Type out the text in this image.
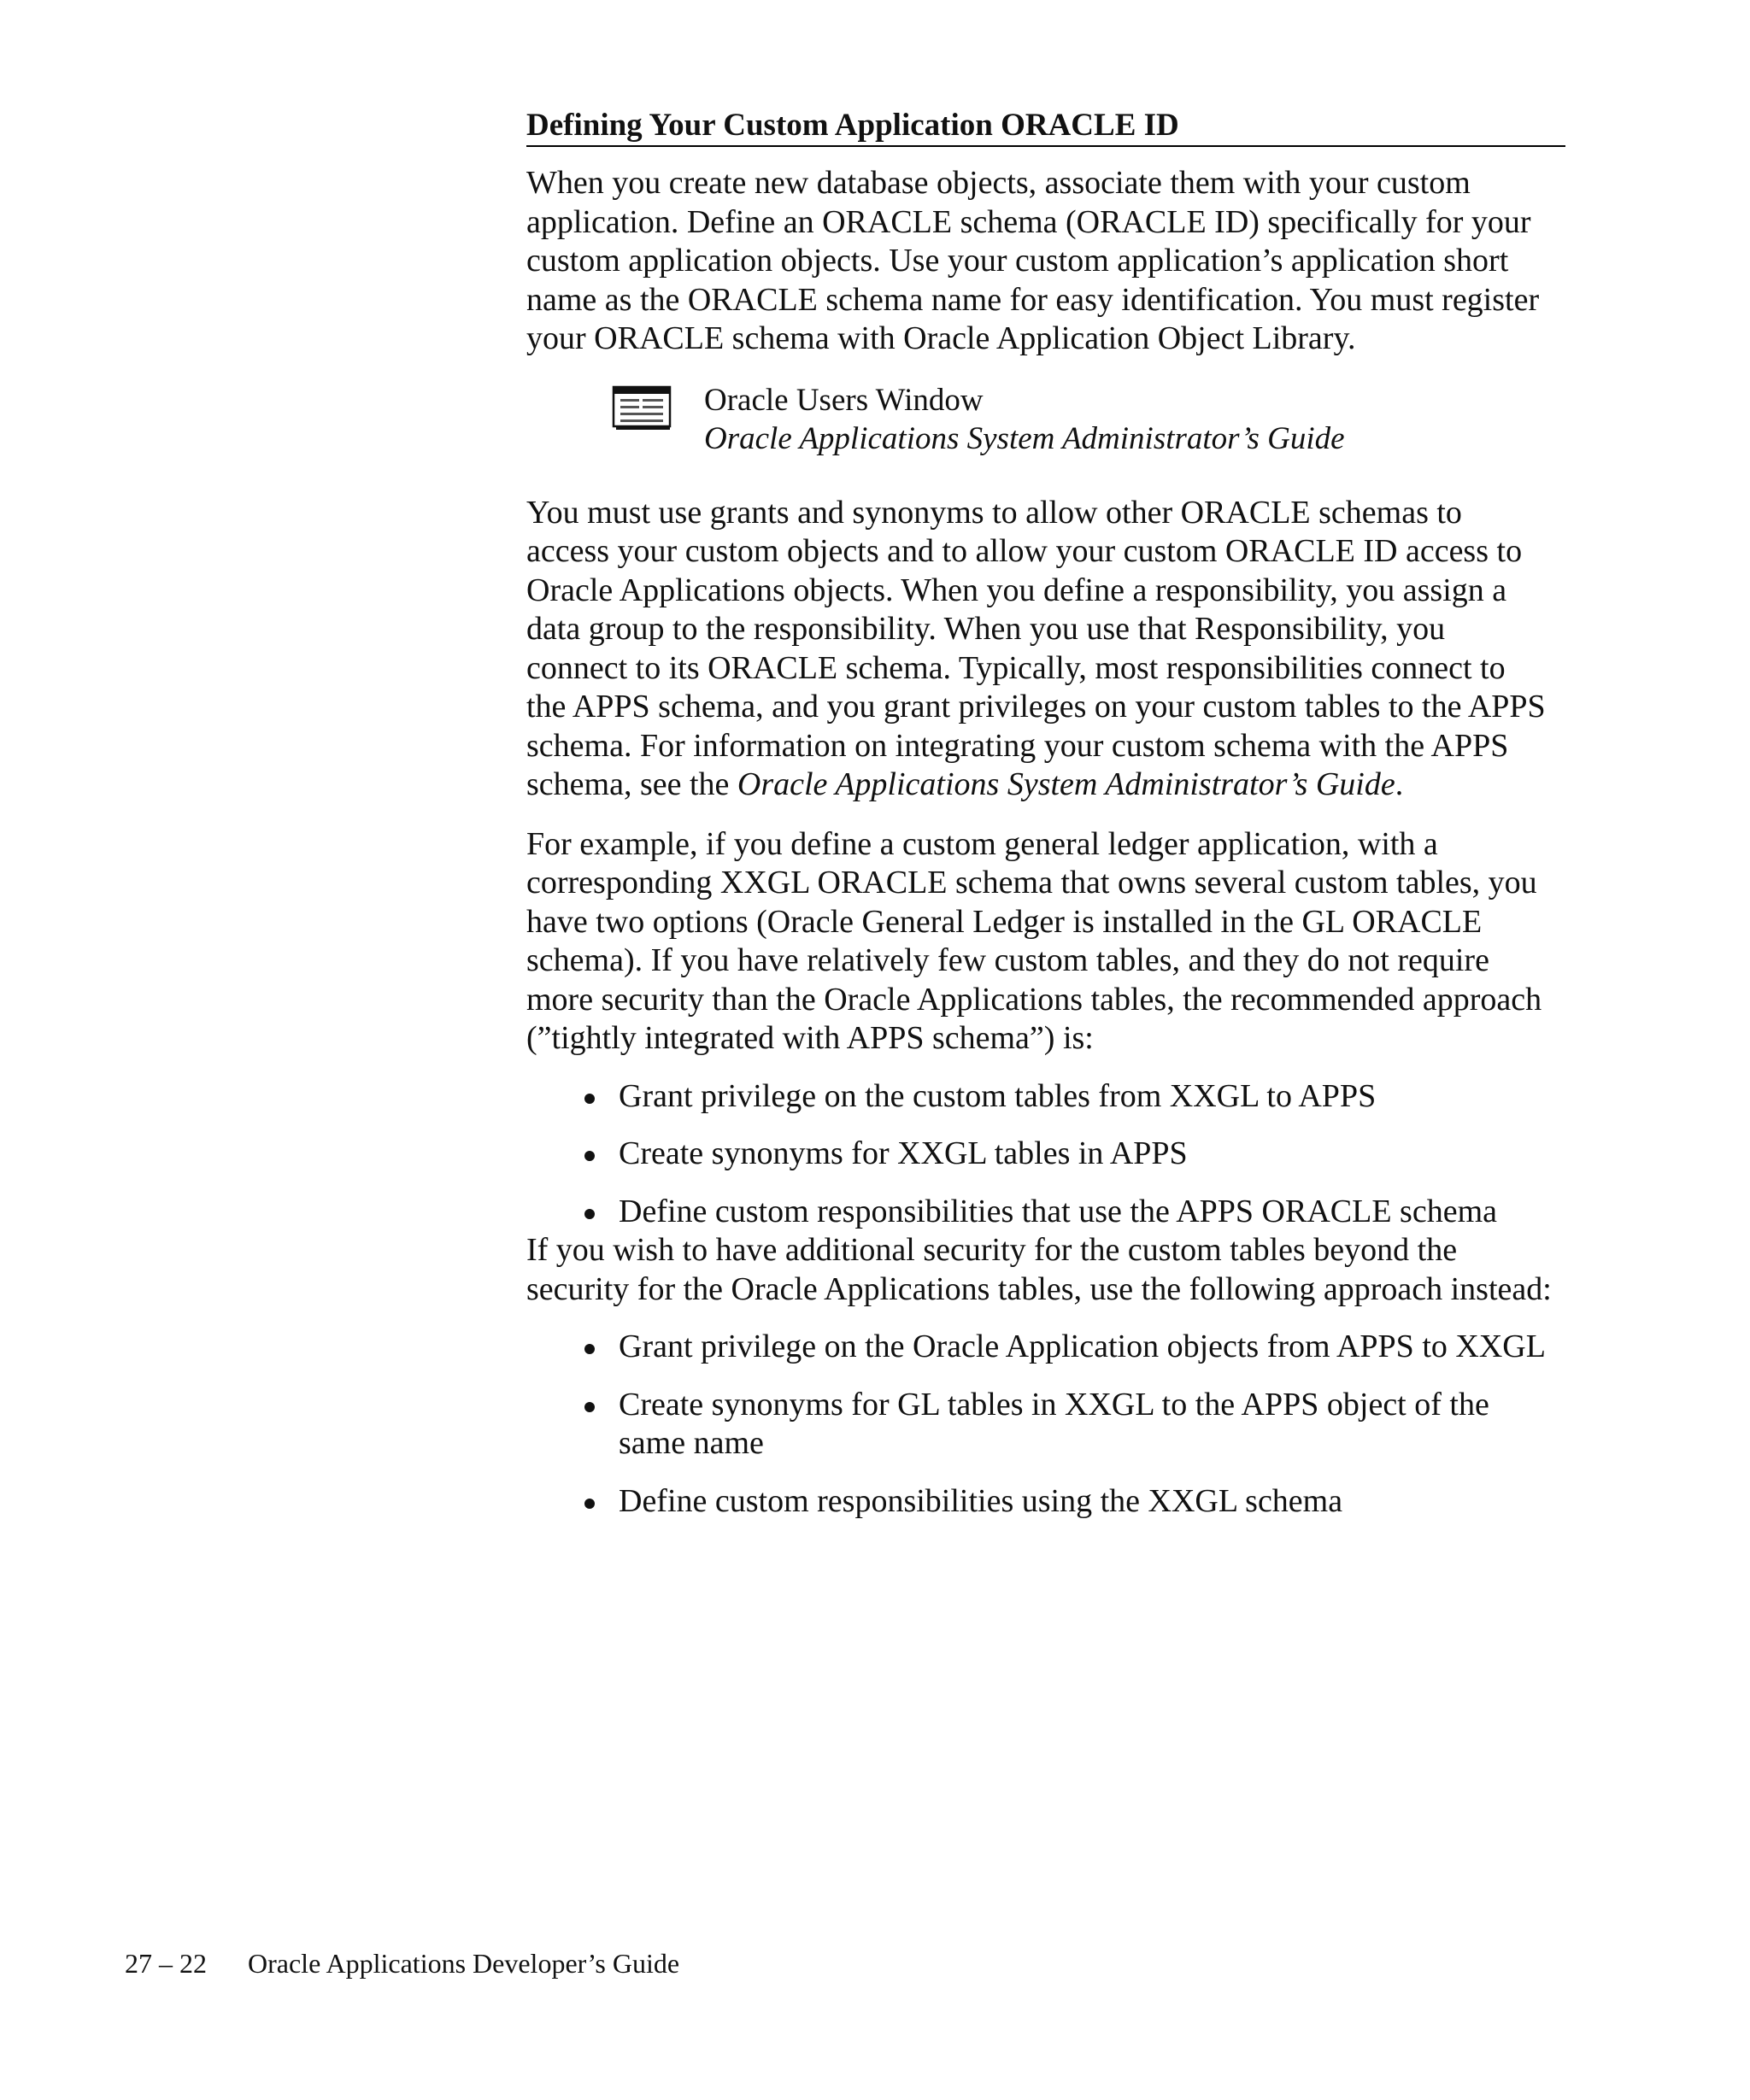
Defining Your Custom Application ORACLE ID

When you create new database objects, associate them with your custom application. Define an ORACLE schema (ORACLE ID) specifically for your custom application objects. Use your custom application’s application short name as the ORACLE schema name for easy identification. You must register your ORACLE schema with Oracle Application Object Library.

Oracle Users Window
Oracle Applications System Administrator’s Guide

You must use grants and synonyms to allow other ORACLE schemas to access your custom objects and to allow your custom ORACLE ID access to Oracle Applications objects. When you define a responsibility, you assign a data group to the responsibility. When you use that Responsibility, you connect to its ORACLE schema. Typically, most responsibilities connect to the APPS schema, and you grant privileges on your custom tables to the APPS schema. For information on integrating your custom schema with the APPS schema, see the Oracle Applications System Administrator’s Guide.

For example, if you define a custom general ledger application, with a corresponding XXGL ORACLE schema that owns several custom tables, you have two options (Oracle General Ledger is installed in the GL ORACLE schema). If you have relatively few custom tables, and they do not require more security than the Oracle Applications tables, the recommended approach (”tightly integrated with APPS schema”) is:

Grant privilege on the custom tables from XXGL to APPS
Create synonyms for XXGL tables in APPS
Define custom responsibilities that use the APPS ORACLE schema

If you wish to have additional security for the custom tables beyond the security for the Oracle Applications tables, use the following approach instead:

Grant privilege on the Oracle Application objects from APPS to XXGL
Create synonyms for GL tables in XXGL to the APPS object of the same name
Define custom responsibilities using the XXGL schema
27 – 22 Oracle Applications Developer’s Guide
